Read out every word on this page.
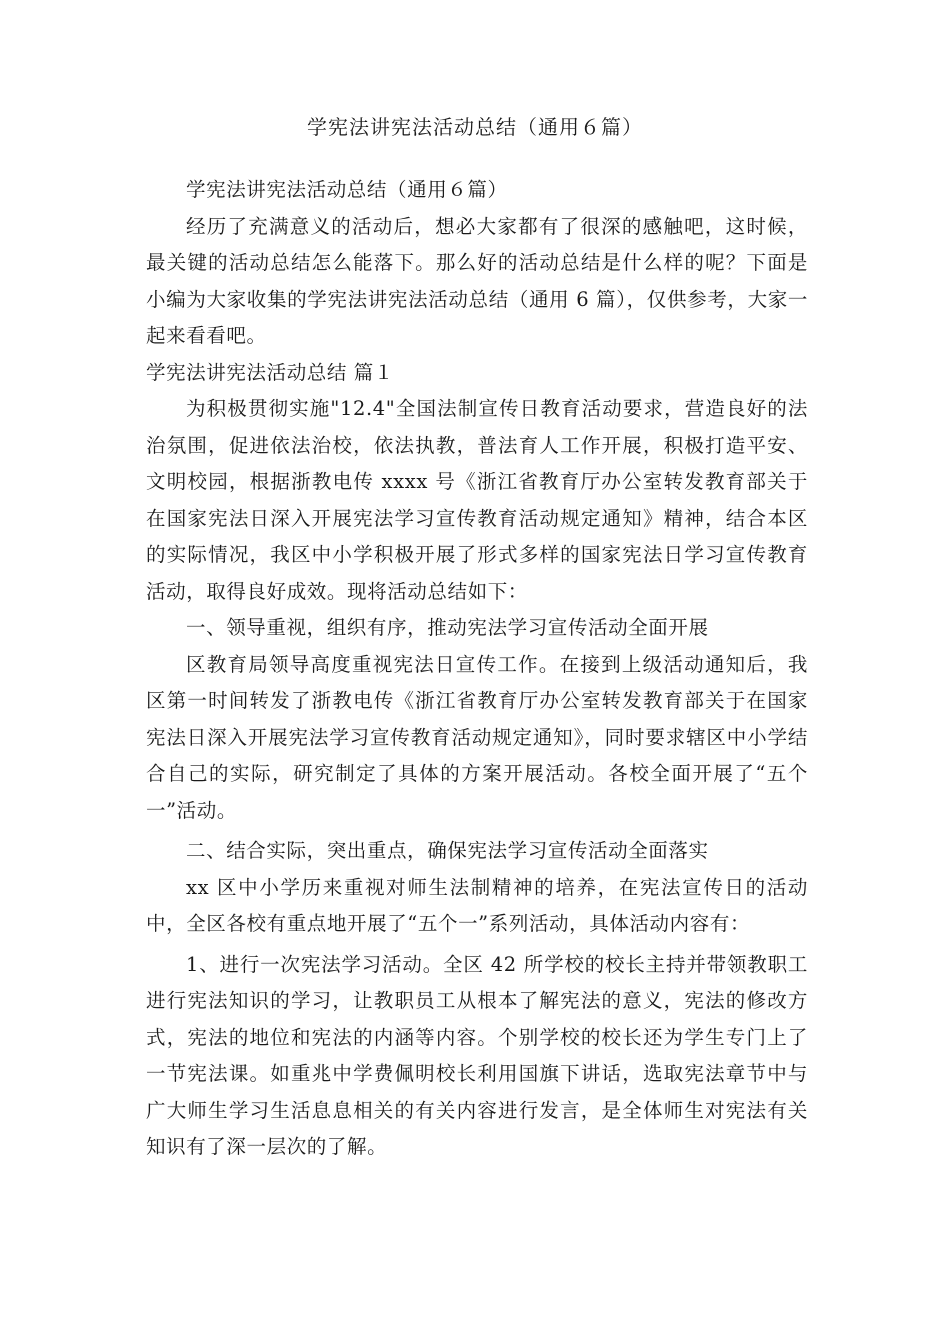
学宪法讲宪法活动总结（通用６篇）

学宪法讲宪法活动总结（通用６篇）

经历了充满意义的活动后，想必大家都有了很深的感触吧，这时候，最关键的活动总结怎么能落下。那么好的活动总结是什么样的呢？下面是小编为大家收集的学宪法讲宪法活动总结（通用 6 篇），仅供参考，大家一起来看看吧。

学宪法讲宪法活动总结 篇１

为积极贯彻实施"12.4"全国法制宣传日教育活动要求，营造良好的法治氛围，促进依法治校，依法执教，普法育人工作开展，积极打造平安、文明校园，根据浙教电传 xxxx 号《浙江省教育厅办公室转发教育部关于在国家宪法日深入开展宪法学习宣传教育活动规定通知》精神，结合本区的实际情况，我区中小学积极开展了形式多样的国家宪法日学习宣传教育活动，取得良好成效。现将活动总结如下：

一、领导重视，组织有序，推动宪法学习宣传活动全面开展

区教育局领导高度重视宪法日宣传工作。在接到上级活动通知后，我区第一时间转发了浙教电传《浙江省教育厅办公室转发教育部关于在国家宪法日深入开展宪法学习宣传教育活动规定通知》，同时要求辖区中小学结合自己的实际，研究制定了具体的方案开展活动。各校全面开展了“五个一”活动。

二、结合实际，突出重点，确保宪法学习宣传活动全面落实

xx 区中小学历来重视对师生法制精神的培养，在宪法宣传日的活动中，全区各校有重点地开展了“五个一”系列活动，具体活动内容有：

1、进行一次宪法学习活动。全区 42 所学校的校长主持并带领教职工进行宪法知识的学习，让教职员工从根本了解宪法的意义，宪法的修改方式，宪法的地位和宪法的内涵等内容。个别学校的校长还为学生专门上了一节宪法课。如重兆中学费佩明校长利用国旗下讲话，选取宪法章节中与广大师生学习生活息息相关的有关内容进行发言，是全体师生对宪法有关知识有了深一层次的了解。
